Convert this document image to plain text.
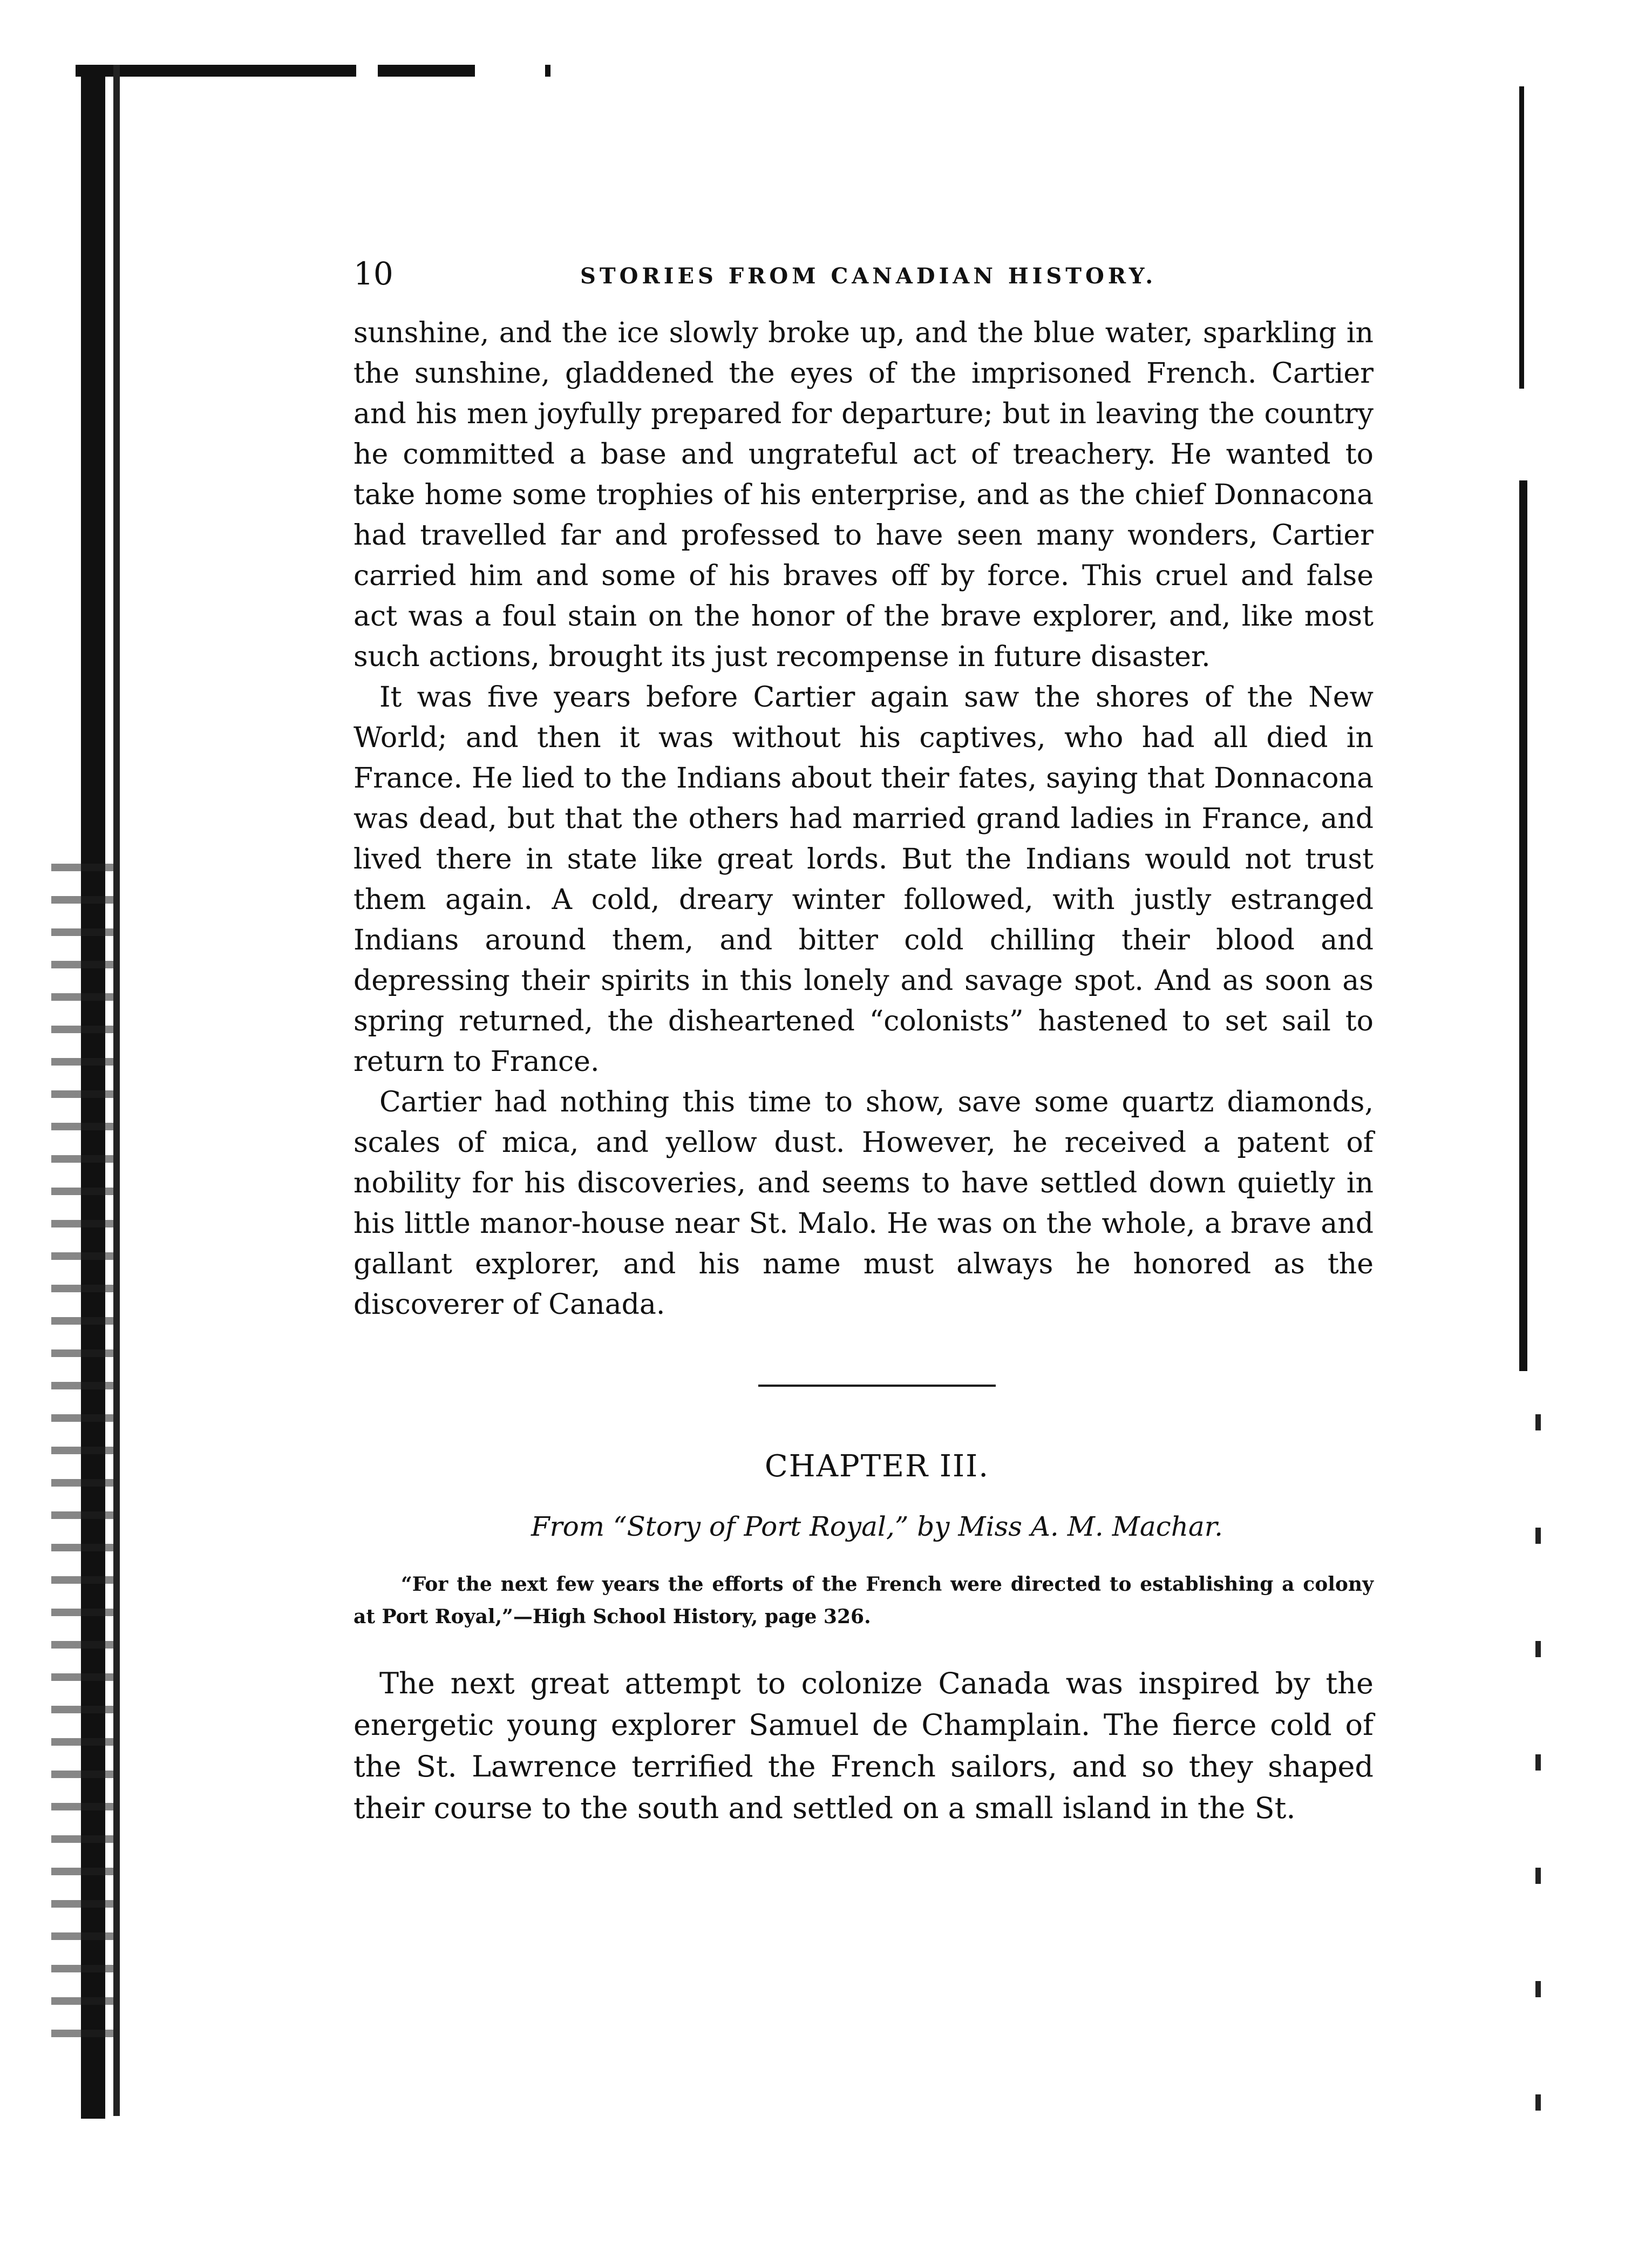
10	STORIES FROM CANADIAN HISTORY.

sunshine, and the ice slowly broke up, and the blue water, sparkling in the sunshine, gladdened the eyes of the imprisoned French. Cartier and his men joyfully prepared for departure; but in leaving the country he committed a base and ungrateful act of treachery. He wanted to take home some trophies of his enterprise, and as the chief Donnacona had travelled far and professed to have seen many wonders, Cartier carried him and some of his braves off by force. This cruel and false act was a foul stain on the honor of the brave explorer, and, like most such actions, brought its just recompense in future disaster.

It was five years before Cartier again saw the shores of the New World; and then it was without his captives, who had all died in France. He lied to the Indians about their fates, saying that Donnacona was dead, but that the others had married grand ladies in France, and lived there in state like great lords. But the Indians would not trust them again. A cold, dreary winter followed, with justly estranged Indians around them, and bitter cold chilling their blood and depressing their spirits in this lonely and savage spot. And as soon as spring returned, the disheartened “colonists” hastened to set sail to return to France.

Cartier had nothing this time to show, save some quartz diamonds, scales of mica, and yellow dust. However, he received a patent of nobility for his discoveries, and seems to have settled down quietly in his little manor-house near St. Malo. He was on the whole, a brave and gallant explorer, and his name must always he honored as the discoverer of Canada.

CHAPTER III.
From “Story of Port Royal,” by Miss A. M. Machar.
“For the next few years the efforts of the French were directed to establishing a colony at Port Royal,”—High School History, page 326.

The next great attempt to colonize Canada was inspired by the energetic young explorer Samuel de Champlain. The fierce cold of the St. Lawrence terrified the French sailors, and so they shaped their course to the south and settled on a small island in the St.
